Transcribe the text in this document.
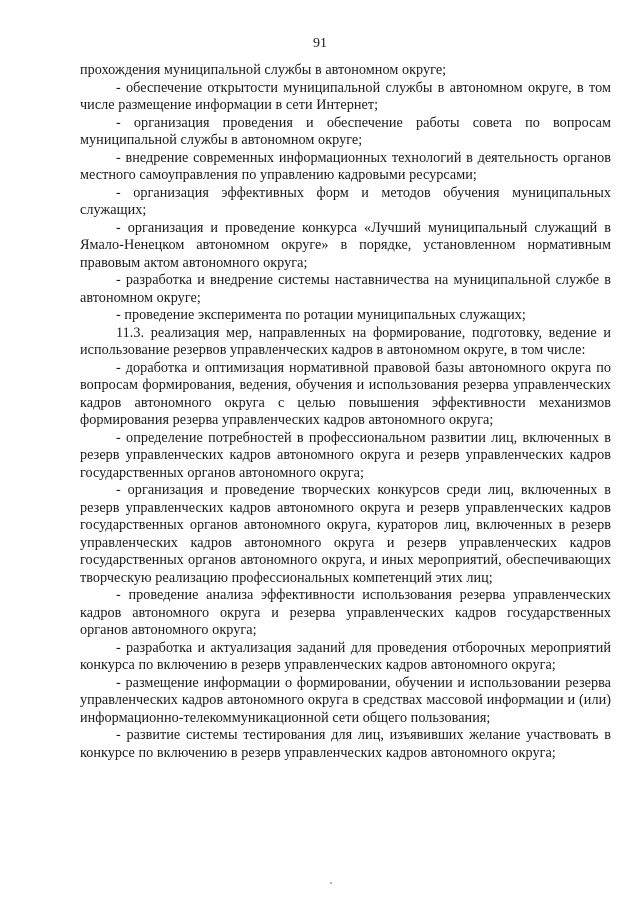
91

прохождения муниципальной службы в автономном округе;

- обеспечение открытости муниципальной службы в автономном округе, в том числе размещение информации в сети Интернет;

- организация проведения и обеспечение работы совета по вопросам муниципальной службы в автономном округе;

- внедрение современных информационных технологий в деятельность органов местного самоуправления по управлению кадровыми ресурсами;

- организация эффективных форм и методов обучения муниципальных служащих;

- организация и проведение конкурса «Лучший муниципальный служащий в Ямало-Ненецком автономном округе» в порядке, установленном нормативным правовым актом автономного округа;

- разработка и внедрение системы наставничества на муниципальной службе в автономном округе;

- проведение эксперимента по ротации муниципальных служащих;

11.3. реализация мер, направленных на формирование, подготовку, ведение и использование резервов управленческих кадров в автономном округе, в том числе:

- доработка и оптимизация нормативной правовой базы автономного округа по вопросам формирования, ведения, обучения и использования резерва управленческих кадров автономного округа с целью повышения эффективности механизмов формирования резерва управленческих кадров автономного округа;

- определение потребностей в профессиональном развитии лиц, включенных в резерв управленческих кадров автономного округа и резерв управленческих кадров государственных органов автономного округа;

- организация и проведение творческих конкурсов среди лиц, включенных в резерв управленческих кадров автономного округа и резерв управленческих кадров государственных органов автономного округа, кураторов лиц, включенных в резерв управленческих кадров автономного округа и резерв управленческих кадров государственных органов автономного округа, и иных мероприятий, обеспечивающих творческую реализацию профессиональных компетенций этих лиц;

- проведение анализа эффективности использования резерва управленческих кадров автономного округа и резерва управленческих кадров государственных органов автономного округа;

- разработка и актуализация заданий для проведения отборочных мероприятий конкурса по включению в резерв управленческих кадров автономного округа;

- размещение информации о формировании, обучении и использовании резерва управленческих кадров автономного округа в средствах массовой информации и (или) информационно-телекоммуникационной сети общего пользования;

- развитие системы тестирования для лиц, изъявивших желание участвовать в конкурсе по включению в резерв управленческих кадров автономного округа;
